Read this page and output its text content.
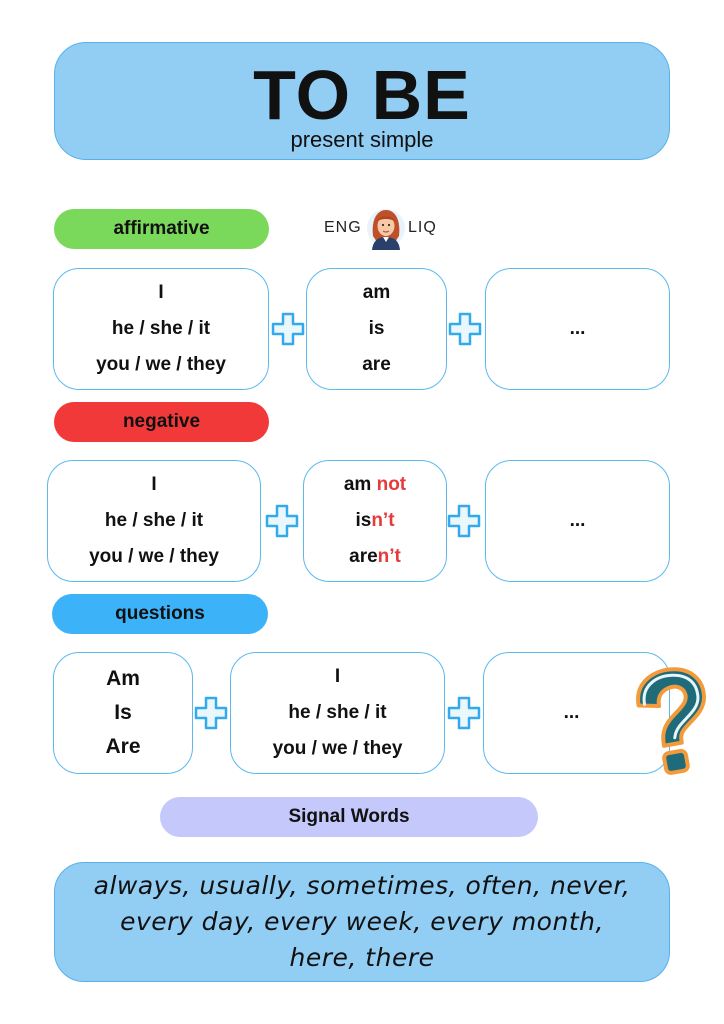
TO BE
present simple
affirmative	ENG	LIQ
I
he / she / it
you / we / they
am
is
are
...
negative
I
he / she / it
you / we / they
am not
isn’t
aren’t
...
questions
Am
Is
Are
I
he / she / it
you / we / they
...
Signal Words
always, usually, sometimes, often, never, every day, every week, every month, here, there
